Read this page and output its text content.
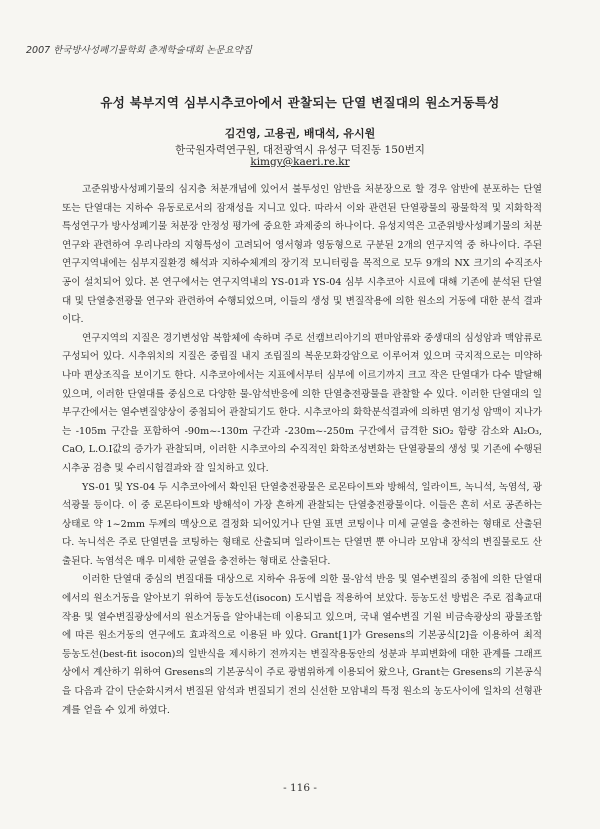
2007 한국방사성폐기물학회 춘계학술대회 논문요약집
유성 북부지역 심부시추코아에서 관찰되는 단열 변질대의 원소거동특성
김건영, 고용권, 배대석, 유시원
한국원자력연구원, 대전광역시 유성구 덕진동 150번지
kimgy@kaeri.re.kr

고준위방사성폐기물의 심지층 처분개념에 있어서 불투성인 암반을 처분장으로 할 경우 암반에 분포하는 단열 또는 단열대는 지하수 유동로로서의 잠재성을 지니고 있다. 따라서 이와 관련된 단열광물의 광물학적 및 지화학적 특성연구가 방사성폐기물 처분장 안정성 평가에 중요한 과제중의 하나이다. 유성지역은 고준위방사성폐기물의 처분연구와 관련하여 우리나라의 지형특성이 고려되어 영서형과 영동형으로 구분된 2개의 연구지역 중 하나이다. 주된 연구지역내에는 심부지질환경 해석과 지하수체계의 장기적 모니터링을 목적으로 모두 9개의 NX 크기의 수직조사공이 설치되어 있다. 본 연구에서는 연구지역내의 YS-01과 YS-04 심부 시추코아 시료에 대해 기존에 분석된 단열대 및 단열충전광물 연구와 관련하여 수행되었으며, 이들의 생성 및 변질작용에 의한 원소의 거동에 대한 분석 결과이다.

연구지역의 지질은 경기변성암 복합체에 속하며 주로 선캠브리아기의 편마암류와 중생대의 심성암과 맥암류로 구성되어 있다. 시추위치의 지질은 중립질 내지 조립질의 복운모화강암으로 이루어져 있으며 국지적으로는 미약하나마 편상조직을 보이기도 한다. 시추코아에서는 지표에서부터 심부에 이르기까지 크고 작은 단열대가 다수 발달해 있으며, 이러한 단열대를 중심으로 다양한 물-암석반응에 의한 단열충전광물을 관찰할 수 있다. 이러한 단열대의 일부구간에서는 열수변질양상이 중첩되어 관찰되기도 한다. 시추코아의 화학분석결과에 의하면 염기성 암맥이 지나가는 -105m 구간을 포함하여 -90m~-130m 구간과 -230m~-250m 구간에서 급격한 SiO₂ 함량 감소와 Al₂O₃, CaO, L.O.I값의 증가가 관찰되며, 이러한 시추코아의 수직적인 화학조성변화는 단열광물의 생성 및 기존에 수행된 시추공 검층 및 수리시험결과와 잘 일치하고 있다.

YS-01 및 YS-04 두 시추코아에서 확인된 단열충전광물은 로몬타이트와 방해석, 일라이트, 녹니석, 녹염석, 광석광물 등이다. 이 중 로몬타이트와 방해석이 가장 흔하게 관찰되는 단열충전광물이다. 이들은 흔히 서로 공존하는 상태로 약 1~2mm 두께의 맥상으로 결정화 되어있거나 단열 표면 코팅이나 미세 균열을 충전하는 형태로 산출된다. 녹니석은 주로 단열면을 코팅하는 형태로 산출되며 일라이트는 단열면 뿐 아니라 모암내 장석의 변질물로도 산출된다. 녹염석은 매우 미세한 균열을 충전하는 형태로 산출된다.

이러한 단열대 중심의 변질대를 대상으로 지하수 유동에 의한 물-암석 반응 및 열수변질의 중첩에 의한 단열대에서의 원소거동을 알아보기 위하여 등농도선(isocon) 도시법을 적용하여 보았다. 등농도선 방법은 주로 접촉교대작용 및 열수변질광상에서의 원소거동을 알아내는데 이용되고 있으며, 국내 열수변질 기원 비금속광상의 광물조합에 따른 원소거동의 연구에도 효과적으로 이용된 바 있다. Grant[1]가 Gresens의 기본공식[2]을 이용하여 최적 등농도선(best-fit isocon)의 일반식을 제시하기 전까지는 변질작용동안의 성분과 부피변화에 대한 관계를 그래프상에서 계산하기 위하여 Gresens의 기본공식이 주로 광범위하게 이용되어 왔으나, Grant는 Gresens의 기본공식을 다음과 같이 단순화시켜서 변질된 암석과 변질되기 전의 신선한 모암내의 특정 원소의 농도사이에 일차의 선형관계를 얻을 수 있게 하였다.

- 116 -
